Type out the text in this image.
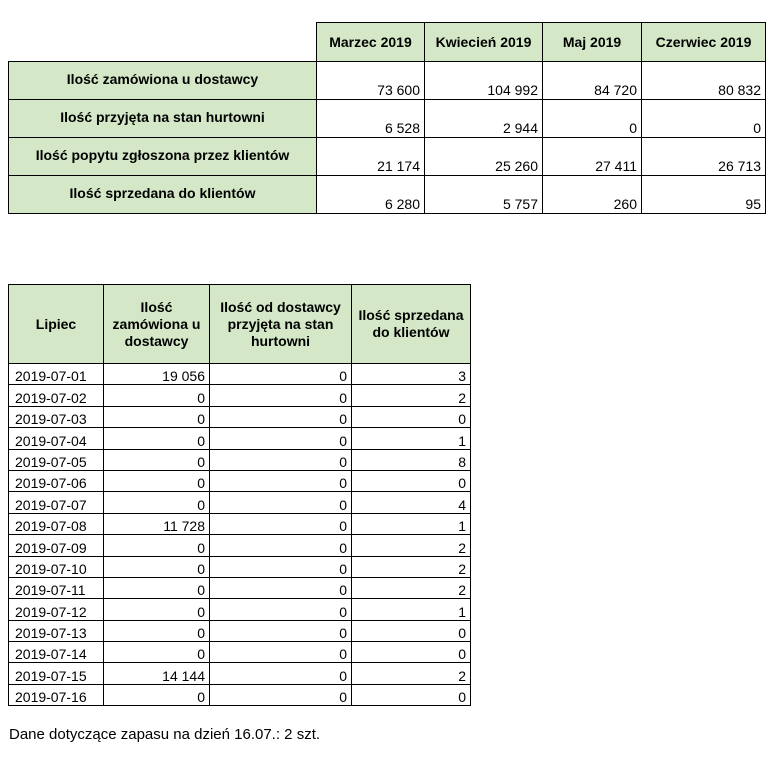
	Marzec 2019	Kwiecień 2019	Maj 2019	Czerwiec 2019
Ilość zamówiona u dostawcy	73 600	104 992	84 720	80 832
Ilość przyjęta na stan hurtowni	6 528	2 944	0	0
Ilość popytu zgłoszona przez klientów	21 174	25 260	27 411	26 713
Ilość sprzedana do klientów	6 280	5 757	260	95
Lipiec	Ilość zamówiona u dostawcy	Ilość od dostawcy przyjęta na stan hurtowni	Ilość sprzedana do klientów
2019-07-01	19 056	0	3
2019-07-02	0	0	2
2019-07-03	0	0	0
2019-07-04	0	0	1
2019-07-05	0	0	8
2019-07-06	0	0	0
2019-07-07	0	0	4
2019-07-08	11 728	0	1
2019-07-09	0	0	2
2019-07-10	0	0	2
2019-07-11	0	0	2
2019-07-12	0	0	1
2019-07-13	0	0	0
2019-07-14	0	0	0
2019-07-15	14 144	0	2
2019-07-16	0	0	0

Dane dotyczące zapasu na dzień 16.07.: 2 szt.
